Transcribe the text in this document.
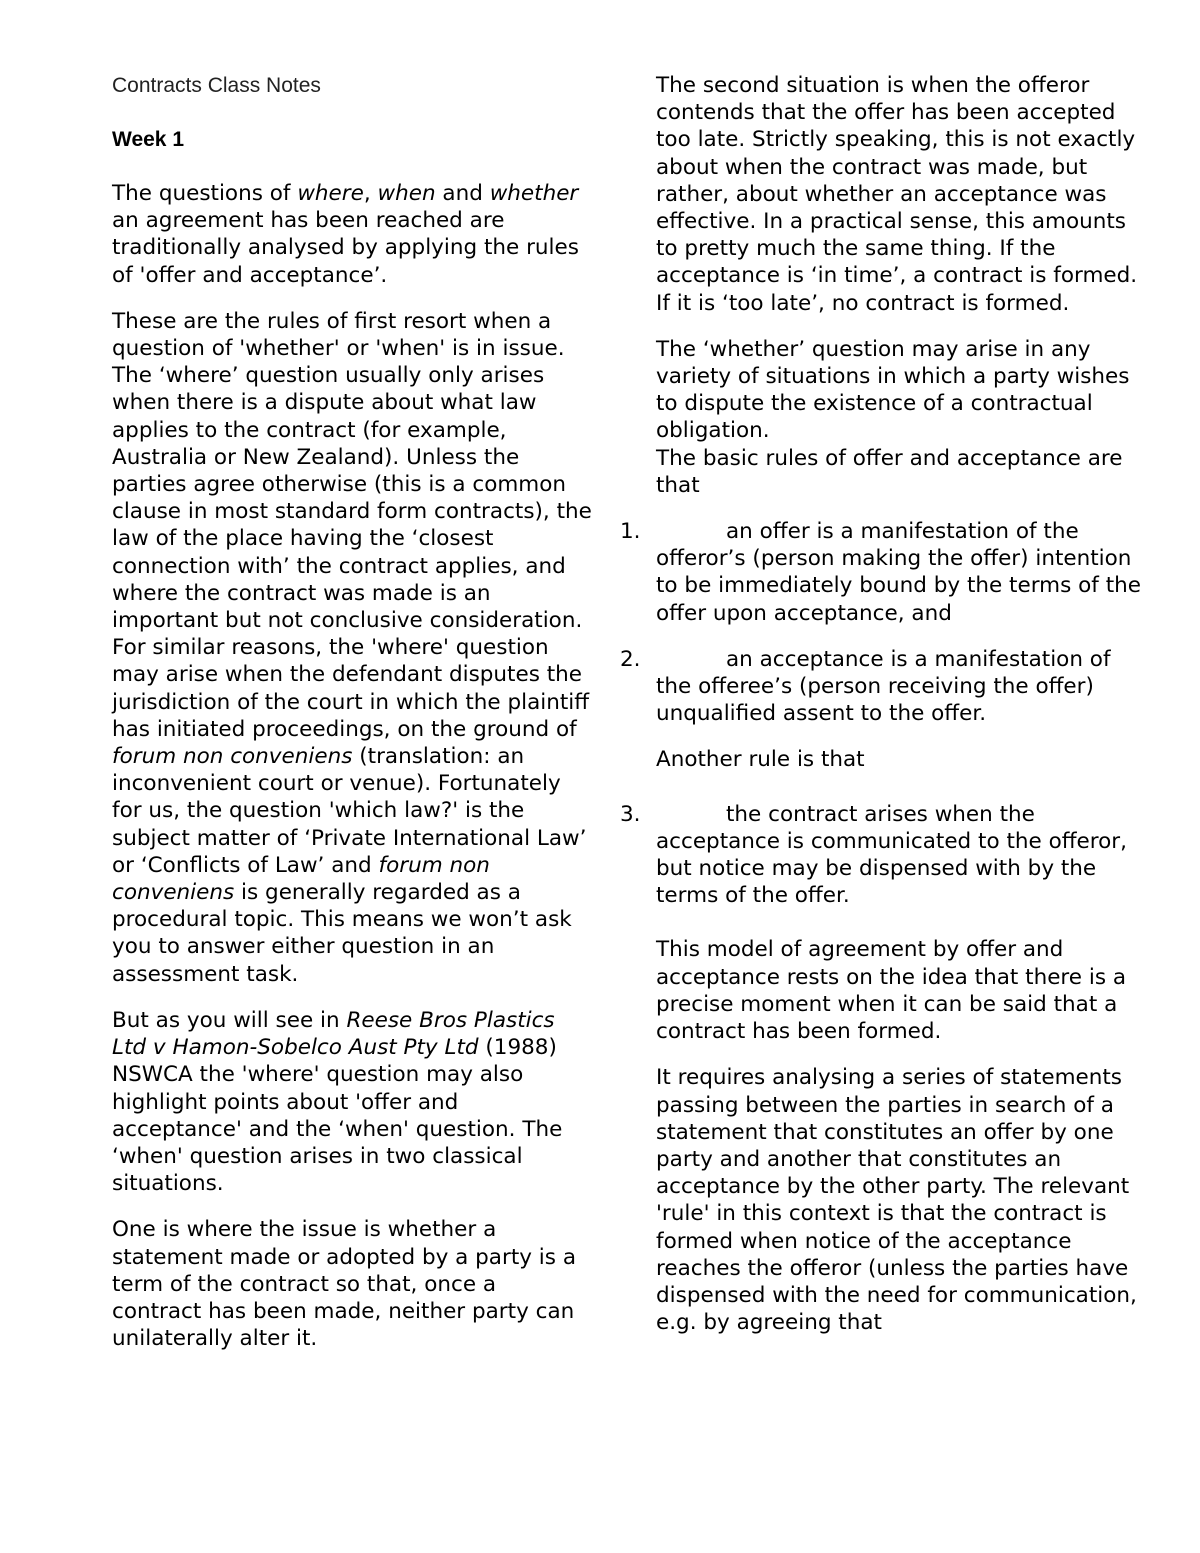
Contracts Class Notes
Week 1

The questions of where, when and whether an agreement has been reached are traditionally analysed by applying the rules of 'offer and acceptance’.

These are the rules of first resort when a question of 'whether' or 'when' is in issue. The ‘where’ question usually only arises when there is a dispute about what law applies to the contract (for example, Australia or New Zealand). Unless the parties agree otherwise (this is a common clause in most standard form contracts), the law of the place having the ‘closest connection with’ the contract applies, and where the contract was made is an important but not conclusive consideration. For similar reasons, the 'where' question may arise when the defendant disputes the jurisdiction of the court in which the plaintiff has initiated proceedings, on the ground of forum non conveniens (translation: an inconvenient court or venue). Fortunately for us, the question 'which law?' is the subject matter of ‘Private International Law’ or ‘Conflicts of Law’ and forum non conveniens is generally regarded as a procedural topic. This means we won’t ask you to answer either question in an assessment task.

But as you will see in Reese Bros Plastics Ltd v Hamon-Sobelco Aust Pty Ltd (1988) NSWCA the 'where' question may also highlight points about 'offer and acceptance' and the ‘when' question. The ‘when' question arises in two classical situations.

One is where the issue is whether a statement made or adopted by a party is a term of the contract so that, once a contract has been made, neither party can unilaterally alter it.

The second situation is when the offeror contends that the offer has been accepted too late. Strictly speaking, this is not exactly about when the contract was made, but rather, about whether an acceptance was effective. In a practical sense, this amounts to pretty much the same thing. If the acceptance is ‘in time’, a contract is formed. If it is ‘too late’, no contract is formed.

The ‘whether’ question may arise in any variety of situations in which a party wishes to dispute the existence of a contractual obligation.

The basic rules of offer and acceptance are that

1.	an offer is a manifestation of the offeror’s (person making the offer) intention to be immediately bound by the terms of the offer upon acceptance, and
2.	an acceptance is a manifestation of the offeree’s (person receiving the offer) unqualified assent to the offer.

Another rule is that

3.	the contract arises when the acceptance is communicated to the offeror, but notice may be dispensed with by the terms of the offer.

This model of agreement by offer and acceptance rests on the idea that there is a precise moment when it can be said that a contract has been formed.

It requires analysing a series of statements passing between the parties in search of a statement that constitutes an offer by one party and another that constitutes an acceptance by the other party. The relevant 'rule' in this context is that the contract is formed when notice of the acceptance reaches the offeror (unless the parties have dispensed with the need for communication, e.g. by agreeing that
